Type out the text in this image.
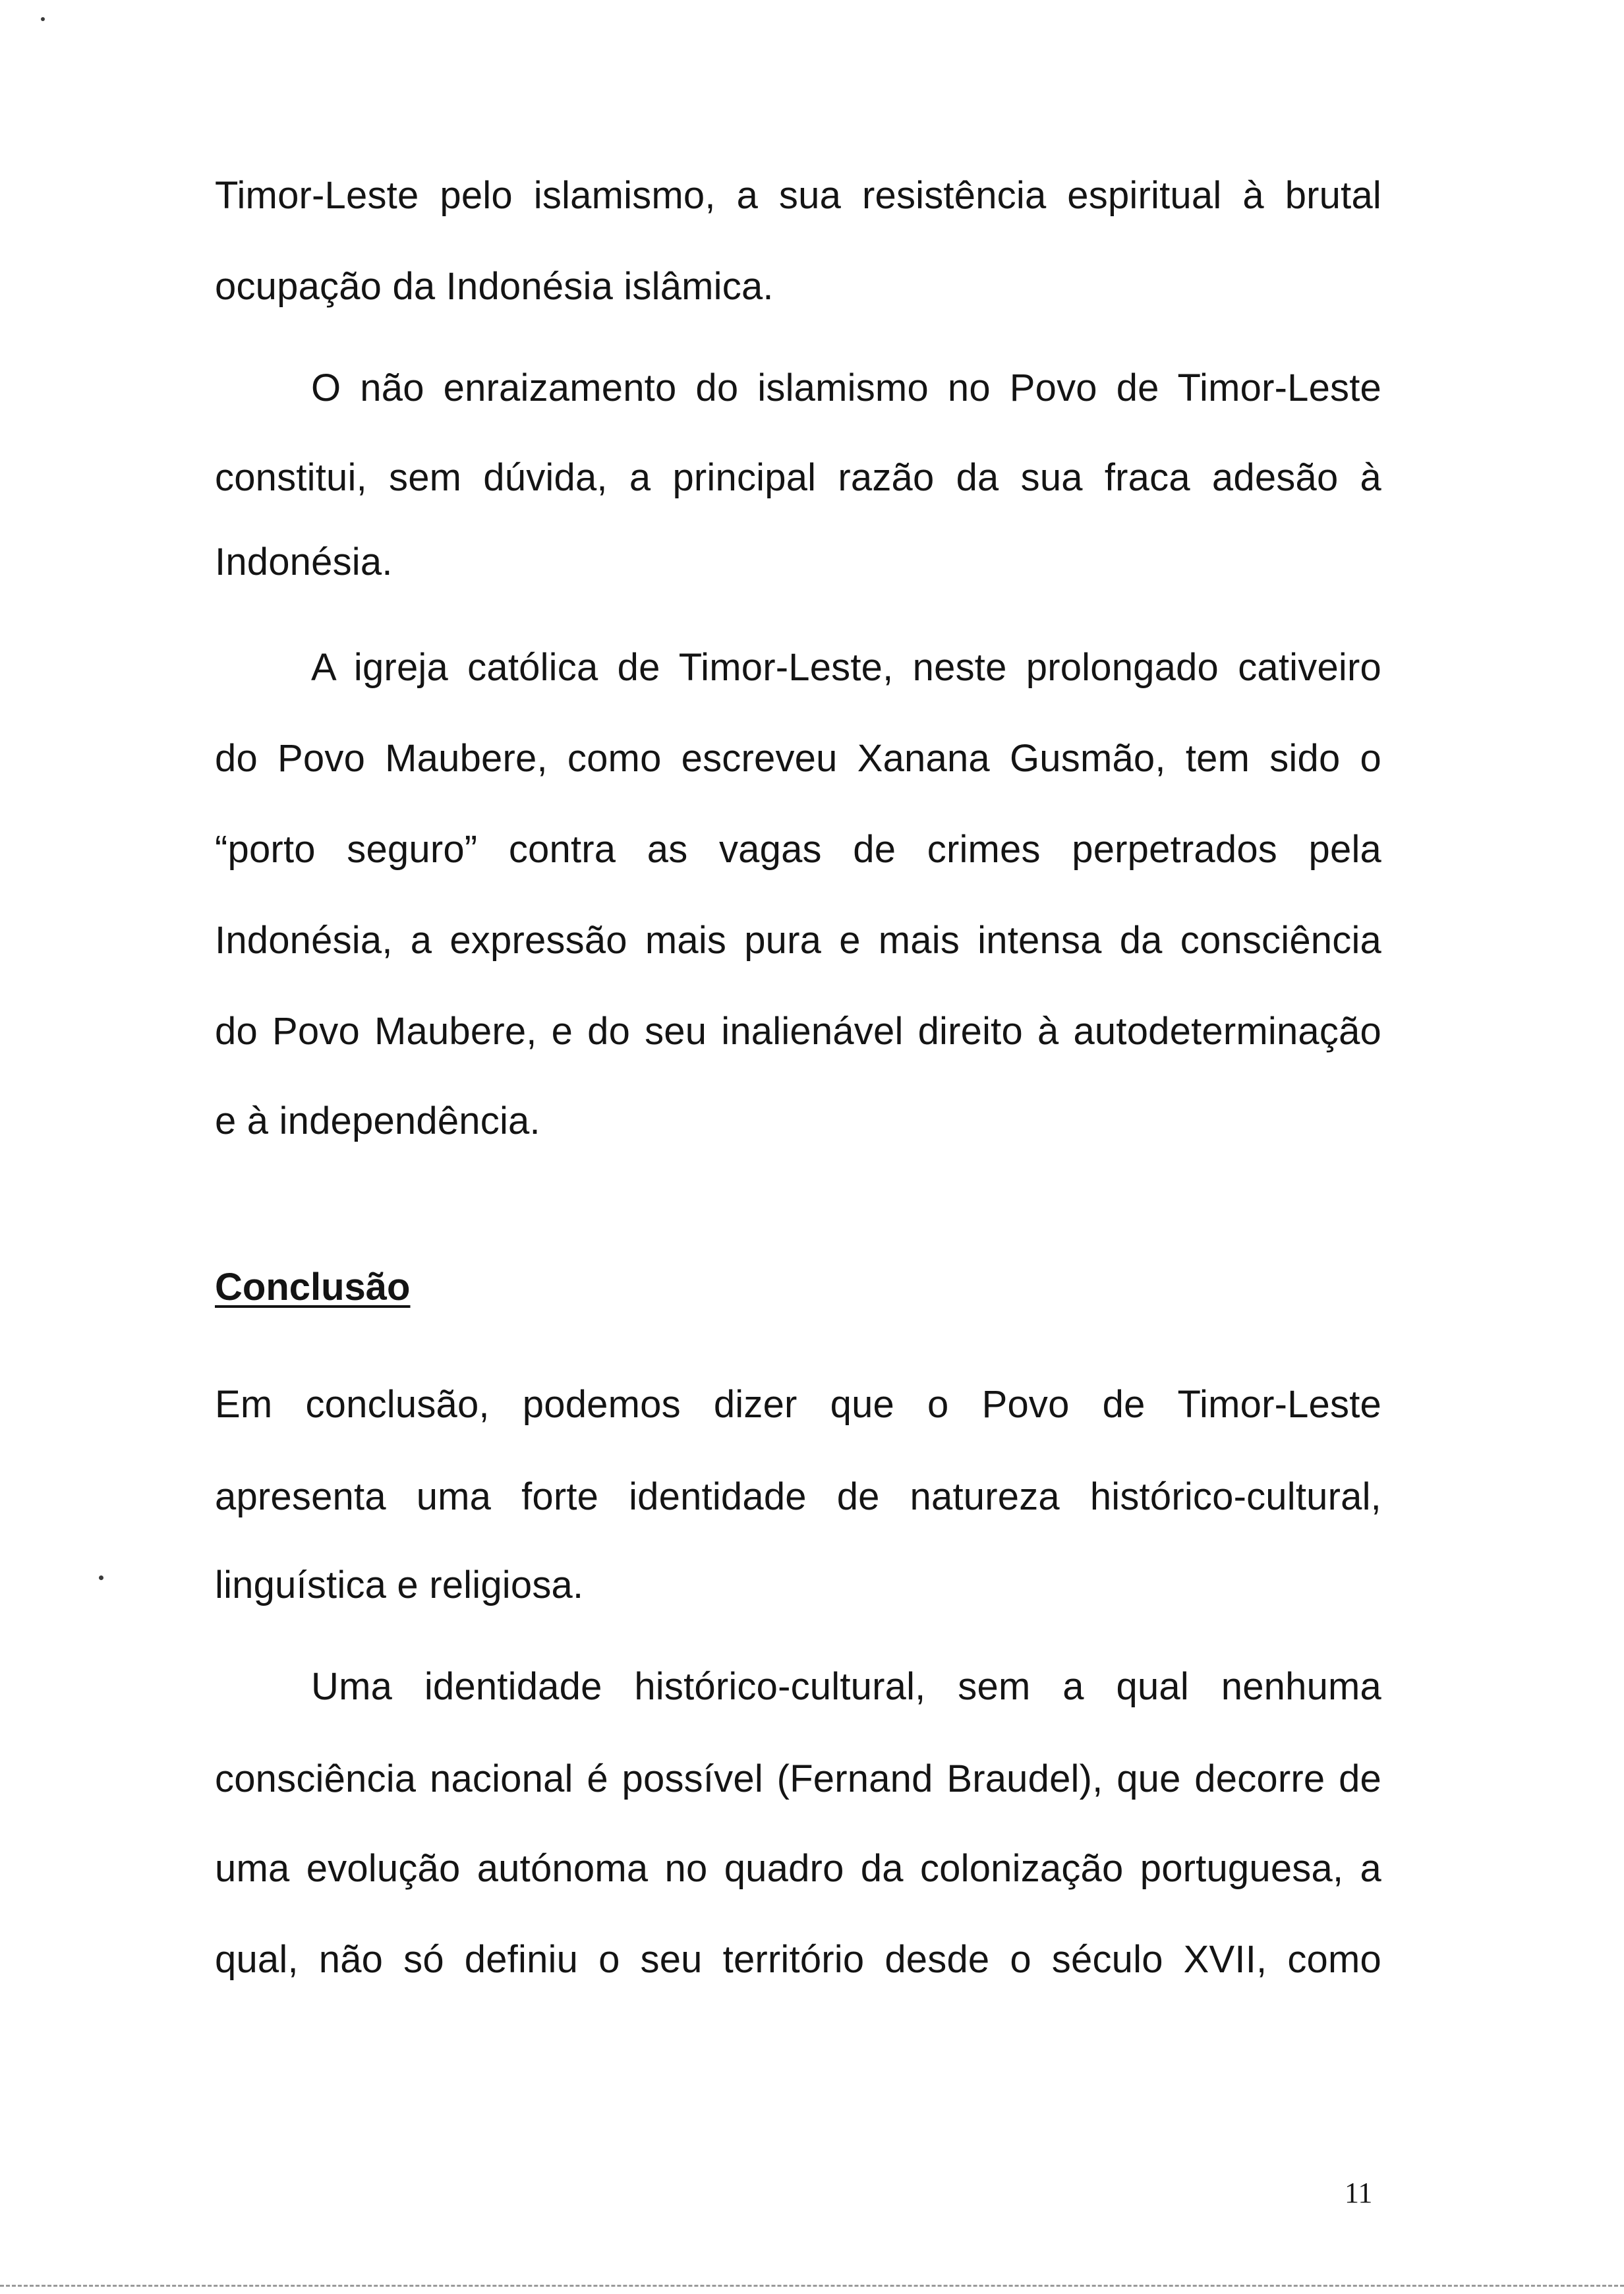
Timor-Leste pelo islamismo, a sua resistência espiritual à brutal
ocupação da Indonésia islâmica.
O não enraizamento do islamismo no Povo de Timor-Leste
constitui, sem dúvida, a principal razão da sua fraca adesão à
Indonésia.
A igreja católica de Timor-Leste, neste prolongado cativeiro
do Povo Maubere, como escreveu Xanana Gusmão, tem sido o
“porto seguro” contra as vagas de crimes perpetrados pela
Indonésia, a expressão mais pura e mais intensa da consciência
do Povo Maubere, e do seu inalienável direito à autodeterminação
e à independência.
Conclusão
Em conclusão, podemos dizer que o Povo de Timor-Leste
apresenta uma forte identidade de natureza histórico-cultural,
linguística e religiosa.
Uma identidade histórico-cultural, sem a qual nenhuma
consciência nacional é possível (Fernand Braudel), que decorre de
uma evolução autónoma no quadro da colonização portuguesa, a
qual, não só definiu o seu território desde o século XVII, como
11
